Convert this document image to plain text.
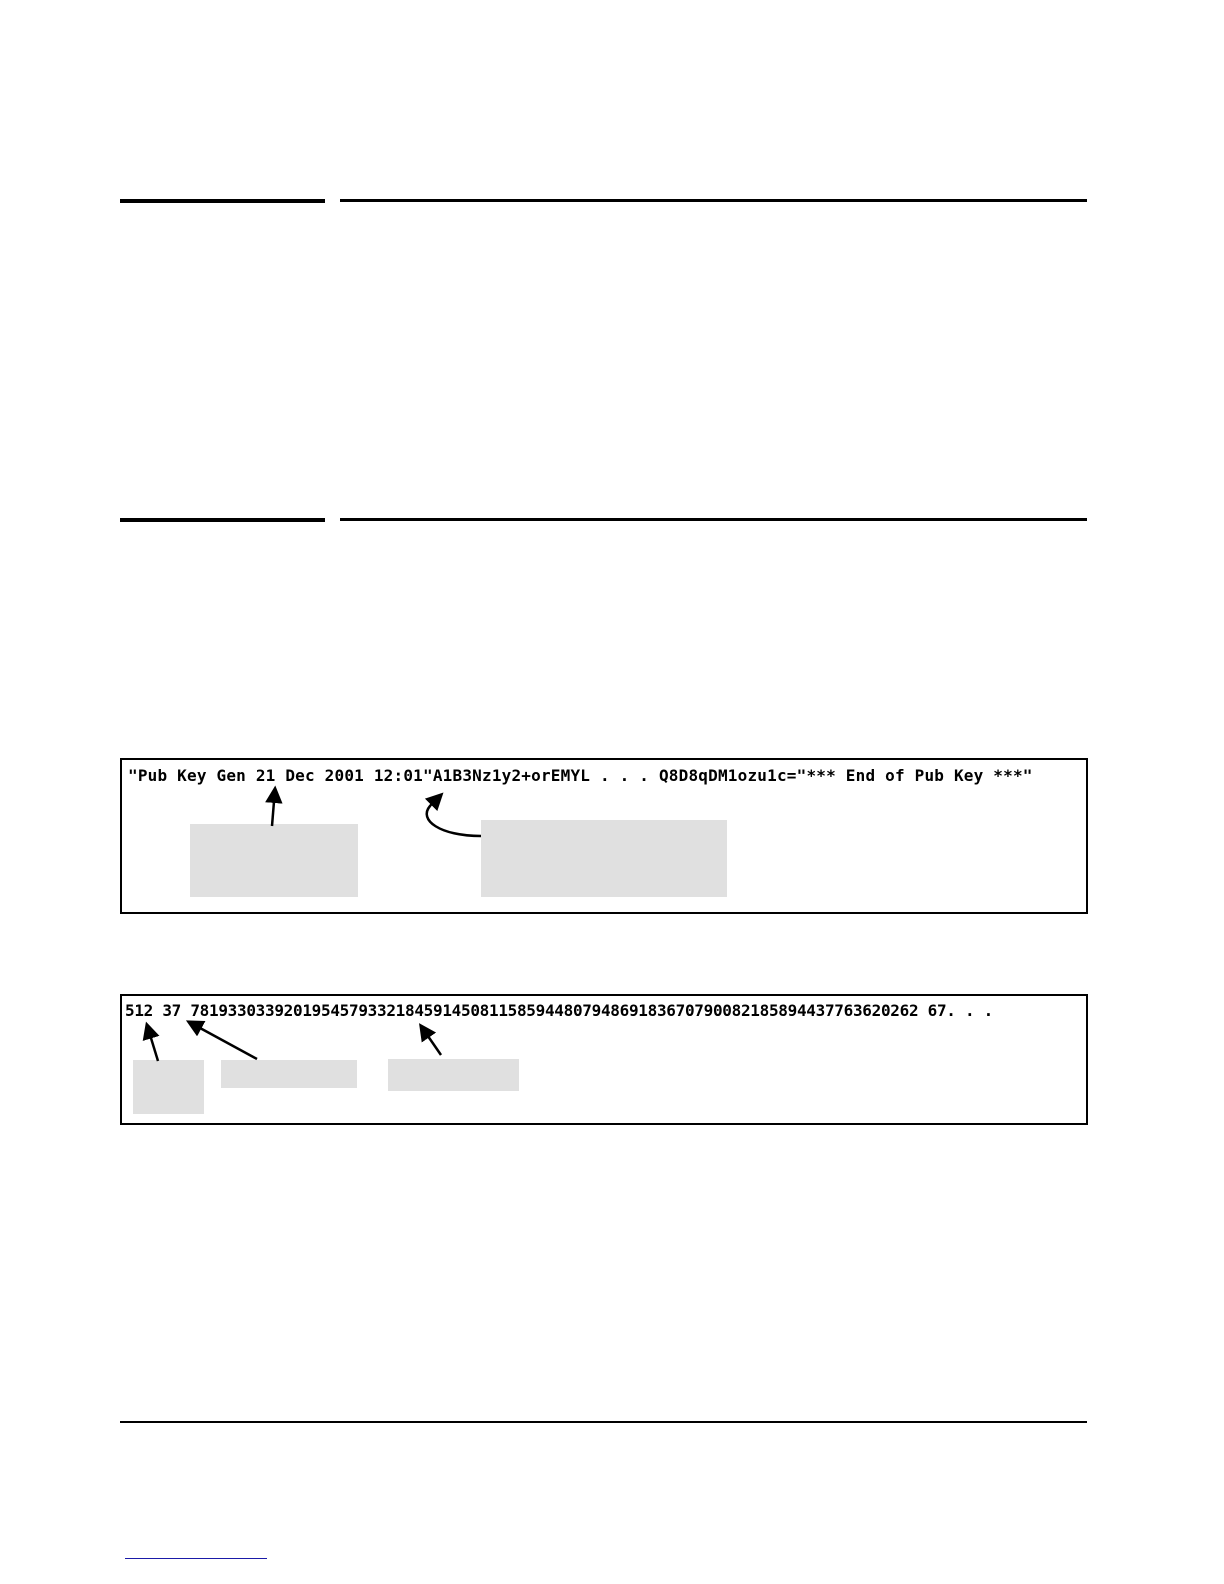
"Pub Key Gen 21 Dec 2001 12:01"A1B3Nz1y2+orEMYL . . . Q8D8qDM1ozu1c="*** End of Pub Key ***"
512 37 781933033920195457933218459145081158594480794869183670790082185894437763620262 67. . .
